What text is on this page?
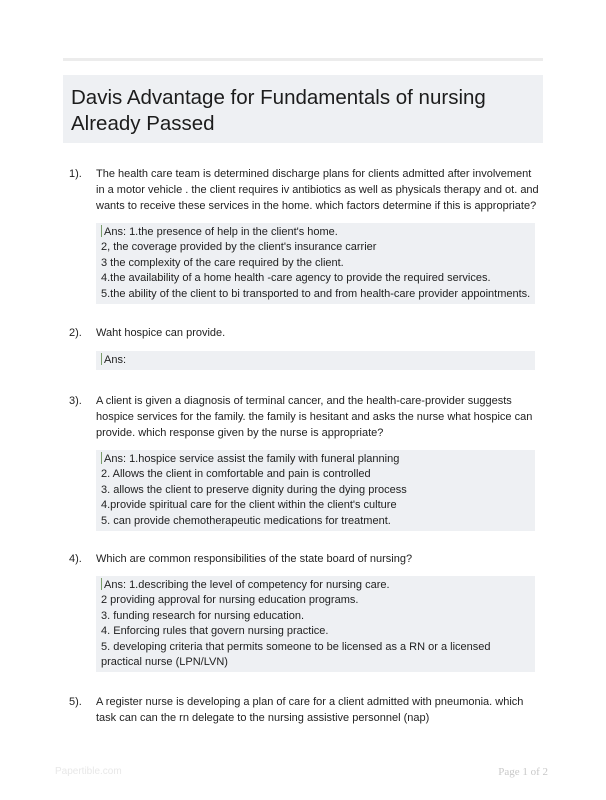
Davis Advantage for Fundamentals of nursing
Already Passed
1). The health care team is determined discharge plans for clients admitted after involvement in a motor vehicle . the client requires iv antibiotics as well as physicals therapy and ot. and wants to receive these services in the home. which factors determine if this is appropriate?
Ans: 1.the presence of help in the client's home.
2, the coverage provided by the client's insurance carrier
3 the complexity of the care required by the client.
4.the availability of a home health -care agency to provide the required services.
5.the ability of the client to bi transported to and from health-care provider appointments.
2). Waht hospice can provide.
Ans:
3). A client is given a diagnosis of terminal cancer, and the health-care-provider suggests hospice services for the family. the family is hesitant and asks the nurse what hospice can provide. which response given by the nurse is appropriate?
Ans: 1.hospice service assist the family with funeral planning
2. Allows the client in comfortable and pain is controlled
3. allows the client to preserve dignity during the dying process
4.provide spiritual care for the client within the client's culture
5. can provide chemotherapeutic medications for treatment.
4). Which are common responsibilities of the state board of nursing?
Ans: 1.describing the level of competency for nursing care.
2 providing approval for nursing education programs.
3. funding research for nursing education.
4. Enforcing rules that govern nursing practice.
5. developing criteria that permits someone to be licensed as a RN or a licensed practical nurse (LPN/LVN)
5). A register nurse is developing a plan of care for a client admitted with pneumonia. which task can can the rn delegate to the nursing assistive personnel (nap)
Papertible.com	Page 1 of 2
